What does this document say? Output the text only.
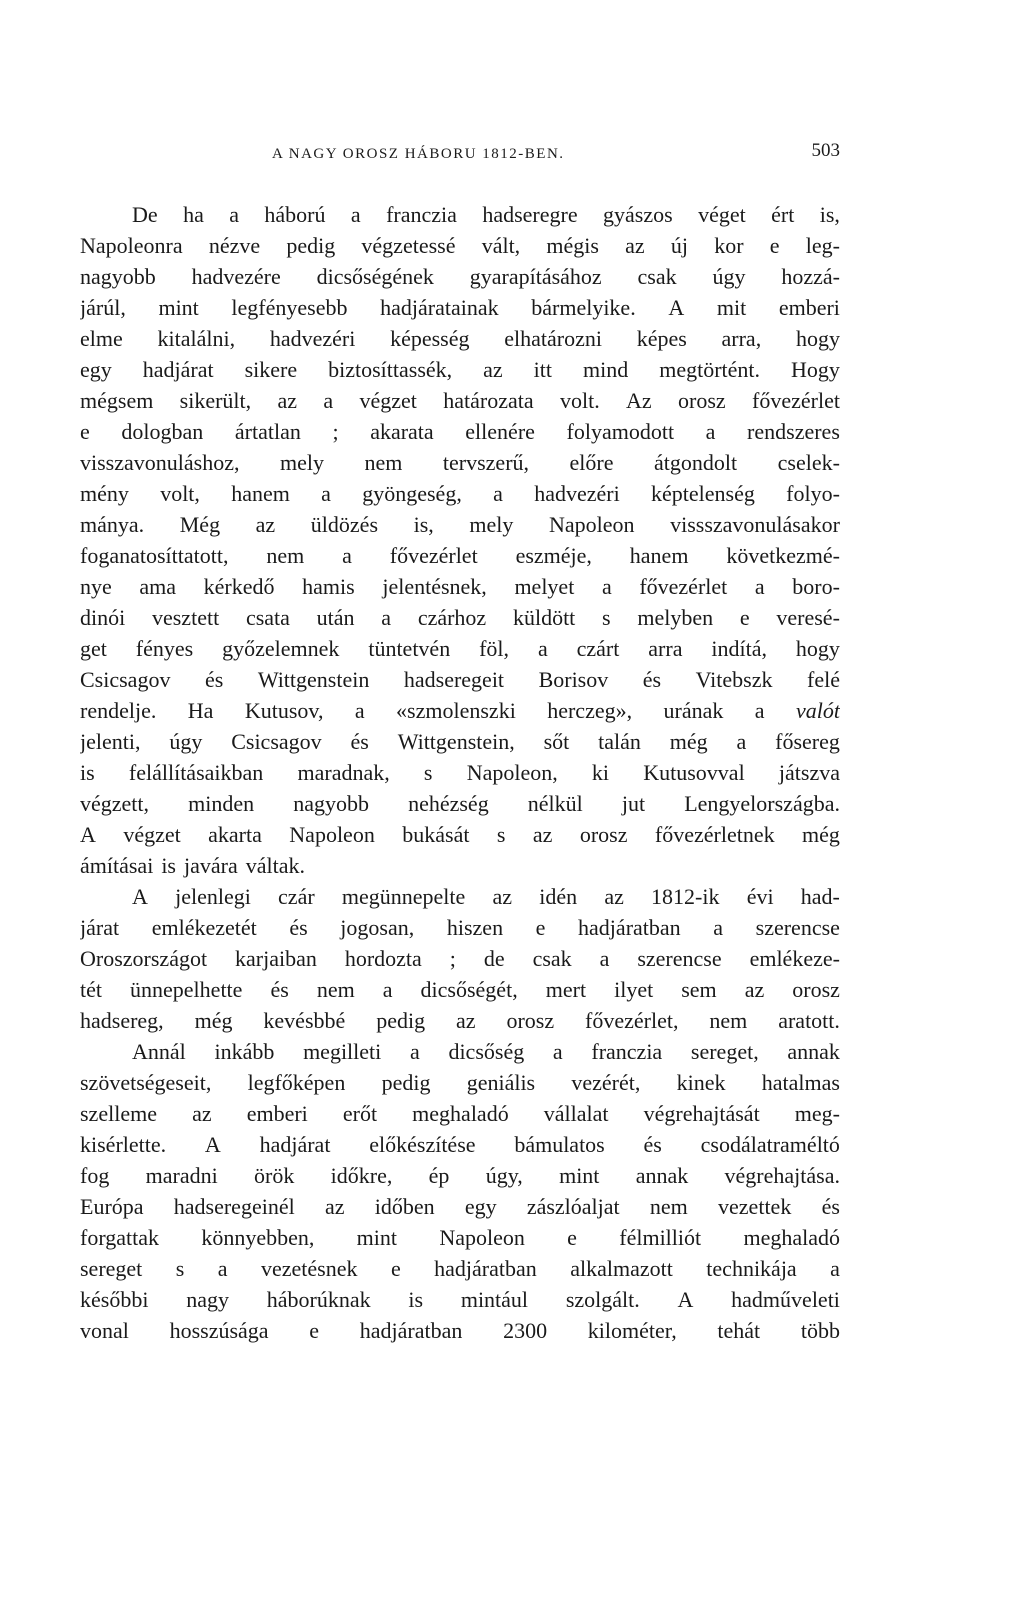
A NAGY OROSZ HÁBORU 1812-BEN.	503
De ha a háború a franczia hadseregre gyászos véget ért is,
Napoleonra nézve pedig végzetessé vált, mégis az új kor e leg-
nagyobb hadvezére dicsőségének gyarapításához csak úgy hozzá-
járúl, mint legfényesebb hadjáratainak bármelyike. A mit emberi
elme kitalálni, hadvezéri képesség elhatározni képes arra, hogy
egy hadjárat sikere biztosíttassék, az itt mind megtörtént. Hogy
mégsem sikerült, az a végzet határozata volt. Az orosz fővezérlet
e dologban ártatlan ; akarata ellenére folyamodott a rendszeres
visszavonuláshoz, mely nem tervszerű, előre átgondolt cselek-
mény volt, hanem a gyöngeség, a hadvezéri képtelenség folyo-
mánya. Még az üldözés is, mely Napoleon vissszavonulásakor
foganatosíttatott, nem a fővezérlet eszméje, hanem következmé-
nye ama kérkedő hamis jelentésnek, melyet a fővezérlet a boro-
dinói vesztett csata után a czárhoz küldött s melyben e veresé-
get fényes győzelemnek tüntetvén föl, a czárt arra indítá, hogy
Csicsagov és Wittgenstein hadseregeit Borisov és Vitebszk felé
rendelje. Ha Kutusov, a «szmolenszki herczeg», urának a valót
jelenti, úgy Csicsagov és Wittgenstein, sőt talán még a fősereg
is felállításaikban maradnak, s Napoleon, ki Kutusovval játszva
végzett, minden nagyobb nehézség nélkül jut Lengyelországba.
A végzet akarta Napoleon bukását s az orosz fővezérletnek még
ámításai is javára váltak.
A jelenlegi czár megünnepelte az idén az 1812-ik évi had-
járat emlékezetét és jogosan, hiszen e hadjáratban a szerencse
Oroszországot karjaiban hordozta ; de csak a szerencse emlékeze-
tét ünnepelhette és nem a dicsőségét, mert ilyet sem az orosz
hadsereg, még kevésbbé pedig az orosz fővezérlet, nem aratott.
Annál inkább megilleti a dicsőség a franczia sereget, annak
szövetségeseit, legfőképen pedig geniális vezérét, kinek hatalmas
szelleme az emberi erőt meghaladó vállalat végrehajtását meg-
kisérlette. A hadjárat előkészítése bámulatos és csodálatraméltó
fog maradni örök időkre, ép úgy, mint annak végrehajtása.
Európa hadseregeinél az időben egy zászlóaljat nem vezettek és
forgattak könnyebben, mint Napoleon e félmilliót meghaladó
sereget s a vezetésnek e hadjáratban alkalmazott technikája a
későbbi nagy háborúknak is mintául szolgált. A hadműveleti
vonal hosszúsága e hadjáratban 2300 kilométer, tehát több
